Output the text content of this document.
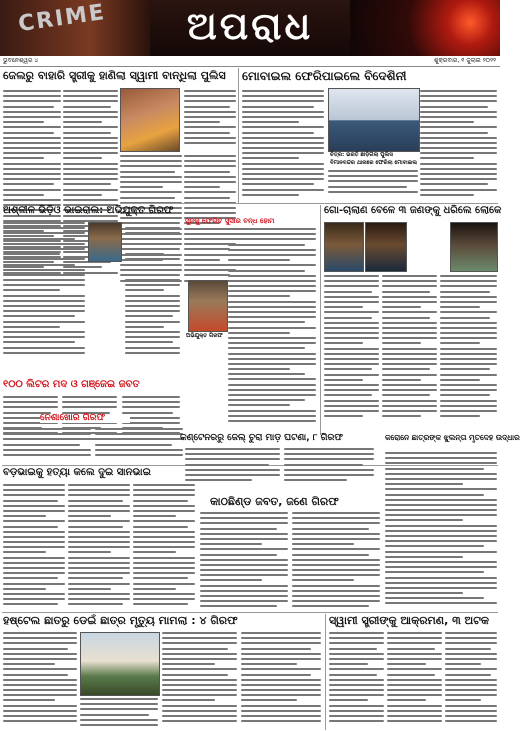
CRIME	ଅପରାଧ
ଭୁବନେଶ୍ୱର ୪	ଶୁକ୍ରବାର, ୧ ଜୁଲାଇ ୨୦୨୨
ଜେଲରୁ ବାହାରି ସ୍ତ୍ରୀକୁ ହାଣିଲା ସ୍ୱାମୀ ବାନ୍ଧିଲା ପୁଲିସ ମୋବାଇଲ ଫେରିପାଇଲେ ବିଦେଶିନୀ
ଚିତ୍ର: ଭରତି ଛାଡ଼ିଗଲା ପୁଲିସ
ବିମାନବନ୍ଦର ଥାନାରେ ଫେରିଲା ମୋବାଇଲ
ଅଶ୍ଳୀଳ ଭିଡ଼ିଓ ଭାଇରାଲ: ଅଭିଯୁକ୍ତ ଗିରଫ
ସୁନକୁ ଫେରିବ ସୁସାର ବନ୍ଧ ହୋମ
ଅଭିଯୁକ୍ତ ଗିରଫ
ଗୋ-ଚାଲାଣ ବେଳେ ୩ ଜଣଙ୍କୁ ଧରିଲେ ଲୋକେ
୧୦୦ ଲିଟର ମଦ ଓ ଗଞ୍ଜେଇ ଜବତ
ନେଶାଖୋର ଗିରଫ
ବଡ଼ଭାଇକୁ ହତ୍ୟା କଲେ ଦୁଇ ସାନଭାଇ
କଣ୍ଟେନରରୁ ଜେଲ୍ ଚୁରା ମାଡ଼ ଘଟଣା, ୮ ଗିରଫ	କରୋନେ ଛାତ୍ରଙ୍କ ଝୁଲନ୍ତା ମୃତଦେହ ଉଦ୍ଧାର
କାଠଛିଣ୍ଡ ଜବତ, ଜଣେ ଗିରଫ
ହଷ୍ଟେଲ ଛାତରୁ ଡେଇଁ ଛାତ୍ର ମୃତ୍ୟୁ ମାମଲା : ୪ ଗିରଫ	ସ୍ୱାମୀ ସ୍ତ୍ରୀଙ୍କୁ ଆକ୍ରମଣ, ୩ ଅଟକ
